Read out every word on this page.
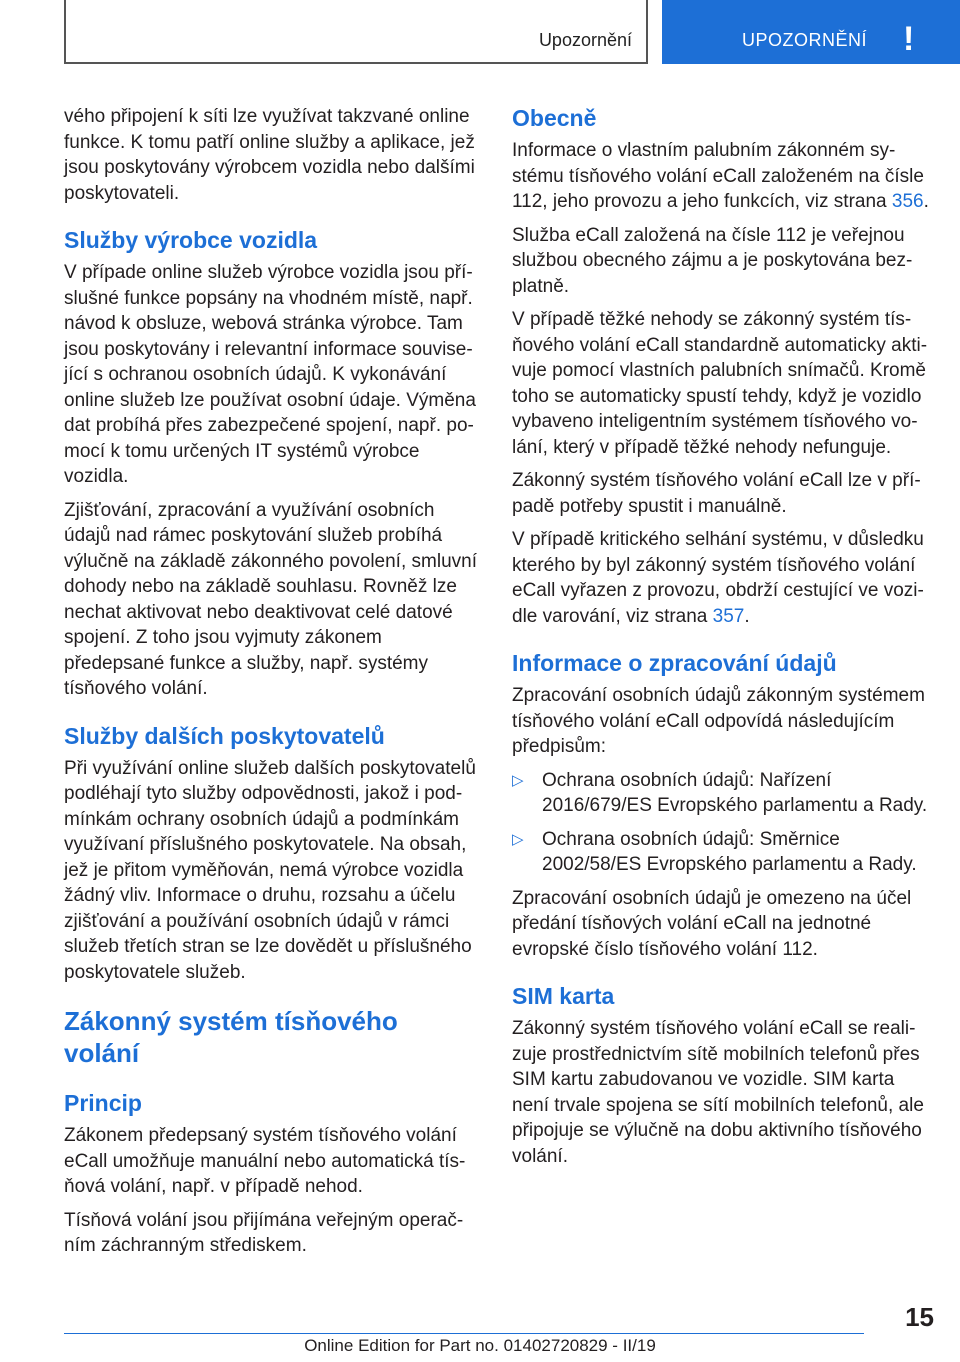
Upozornění	UPOZORNĚNÍ !

vého připojení k síti lze využívat takzvané online funkce. K tomu patří online služby a aplikace, jež jsou poskytovány výrobcem vozidla nebo dalšími poskytovateli.

Služby výrobce vozidla

V případe online služeb výrobce vozidla jsou příslušné funkce popsány na vhodném místě, např. návod k obsluze, webová stránka výrobce. Tam jsou poskytovány i relevantní informace související s ochranou osobních údajů. K vykonávání online služeb lze používat osobní údaje. Výměna dat probíhá přes zabezpečené spojení, např. pomocí k tomu určených IT systémů výrobce vozidla.

Zjišťování, zpracování a využívání osobních údajů nad rámec poskytování služeb probíhá výlučně na základě zákonného povolení, smluvní dohody nebo na základě souhlasu. Rovněž lze nechat aktivovat nebo deaktivovat celé datové spojení. Z toho jsou vyjmuty zákonem předepsané funkce a služby, např. systémy tísňového volání.

Služby dalších poskytovatelů

Při využívání online služeb dalších poskytovatelů podléhají tyto služby odpovědnosti, jakož i podmínkám ochrany osobních údajů a podmínkám využívaní příslušného poskytovatele. Na obsah, jež je přitom vyměňován, nemá výrobce vozidla žádný vliv. Informace o druhu, rozsahu a účelu zjišťování a používání osobních údajů v rámci služeb třetích stran se lze dovědět u příslušného poskytovatele služeb.

Zákonný systém tísňového volání
Princip

Zákonem předepsaný systém tísňového volání eCall umožňuje manuální nebo automatická tísňová volání, např. v případě nehod.

Tísňová volání jsou přijímána veřejným operačním záchranným střediskem.

Obecně

Informace o vlastním palubním zákonném systému tísňového volání eCall založeném na čísle 112, jeho provozu a jeho funkcích, viz strana 356.

Služba eCall založená na čísle 112 je veřejnou službou obecného zájmu a je poskytována bezplatně.

V případě těžké nehody se zákonný systém tísňového volání eCall standardně automaticky aktivuje pomocí vlastních palubních snímačů. Kromě toho se automaticky spustí tehdy, když je vozidlo vybaveno inteligentním systémem tísňového volání, který v případě těžké nehody nefunguje.

Zákonný systém tísňového volání eCall lze v případě potřeby spustit i manuálně.

V případě kritického selhání systému, v důsledku kterého by byl zákonný systém tísňového volání eCall vyřazen z provozu, obdrží cestující ve vozidle varování, viz strana 357.

Informace o zpracování údajů

Zpracování osobních údajů zákonným systémem tísňového volání eCall odpovídá následujícím předpisům:

▷ Ochrana osobních údajů: Nařízení 2016/679/ES Evropského parlamentu a Rady.
▷ Ochrana osobních údajů: Směrnice 2002/58/ES Evropského parlamentu a Rady.

Zpracování osobních údajů je omezeno na účel předání tísňových volání eCall na jednotné evropské číslo tísňového volání 112.

SIM karta

Zákonný systém tísňového volání eCall se realizuje prostřednictvím sítě mobilních telefonů přes SIM kartu zabudovanou ve vozidle. SIM karta není trvale spojena se sítí mobilních telefonů, ale připojuje se výlučně na dobu aktivního tísňového volání.

15
Online Edition for Part no. 01402720829 - II/19
